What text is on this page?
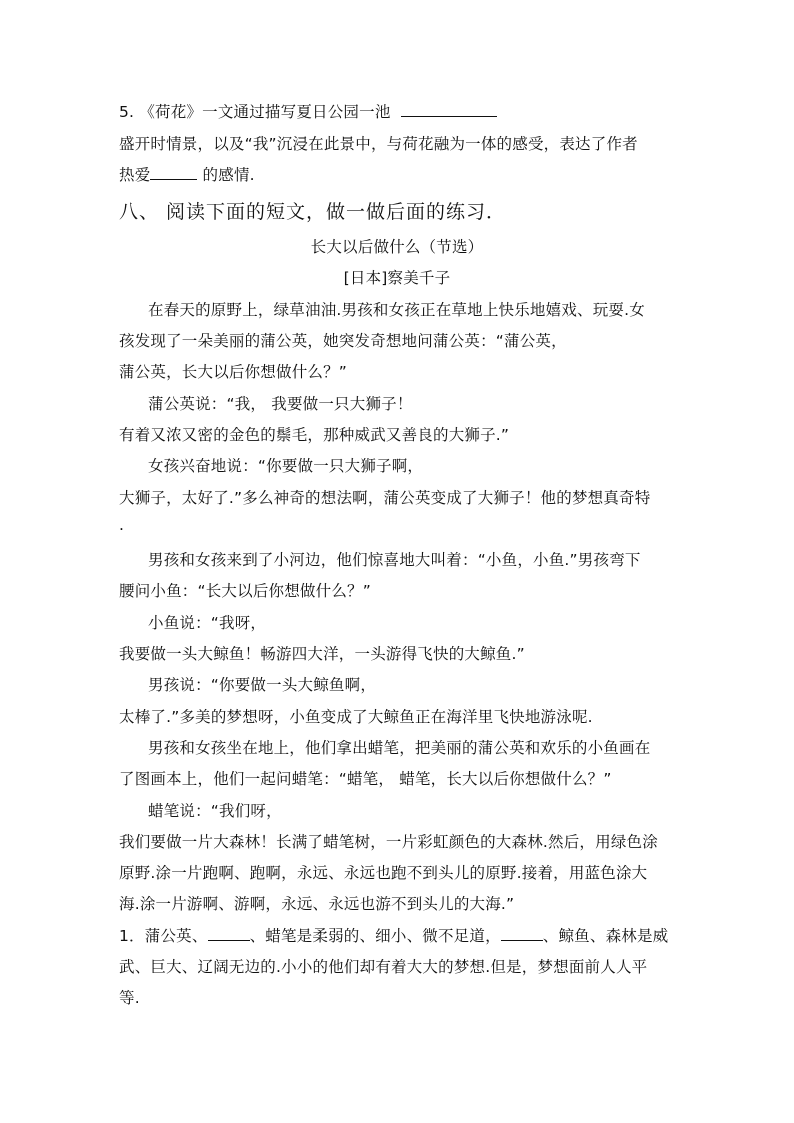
5. 《荷花》一文通过描写夏日公园一池
盛开时情景，以及“我”沉浸在此景中，与荷花融为一体的感受，表达了作者
热爱	的感情.
八、 阅读下面的短文，做一做后面的练习．
长大以后做什么（节选）
[日本]察美千子
在春天的原野上，绿草油油.男孩和女孩正在草地上快乐地嬉戏、玩耍.女
孩发现了一朵美丽的蒲公英，她突发奇想地问蒲公英：“蒲公英，
蒲公英，长大以后你想做什么？”
蒲公英说：“我， 我要做一只大狮子！
有着又浓又密的金色的鬃毛，那种威武又善良的大狮子.”
女孩兴奋地说：“你要做一只大狮子啊，
大狮子，太好了.”多么神奇的想法啊，蒲公英变成了大狮子！他的梦想真奇特
.
男孩和女孩来到了小河边，他们惊喜地大叫着：“小鱼，小鱼.”男孩弯下
腰问小鱼：“长大以后你想做什么？”
小鱼说：“我呀，
我要做一头大鲸鱼！畅游四大洋，一头游得飞快的大鲸鱼.”
男孩说：“你要做一头大鲸鱼啊，
太棒了.”多美的梦想呀，小鱼变成了大鲸鱼正在海洋里飞快地游泳呢.
男孩和女孩坐在地上，他们拿出蜡笔，把美丽的蒲公英和欢乐的小鱼画在
了图画本上，他们一起问蜡笔：“蜡笔， 蜡笔，长大以后你想做什么？”
蜡笔说：“我们呀，
我们要做一片大森林！长满了蜡笔树，一片彩虹颜色的大森林.然后，用绿色涂
原野.涂一片跑啊、跑啊，永远、永远也跑不到头儿的原野.接着，用蓝色涂大
海.涂一片游啊、游啊，永远、永远也游不到头儿的大海.”
1．蒲公英、	、蜡笔是柔弱的、细小、微不足道，	、鲸鱼、森林是威
武、巨大、辽阔无边的.小小的他们却有着大大的梦想.但是，梦想面前人人平
等.
